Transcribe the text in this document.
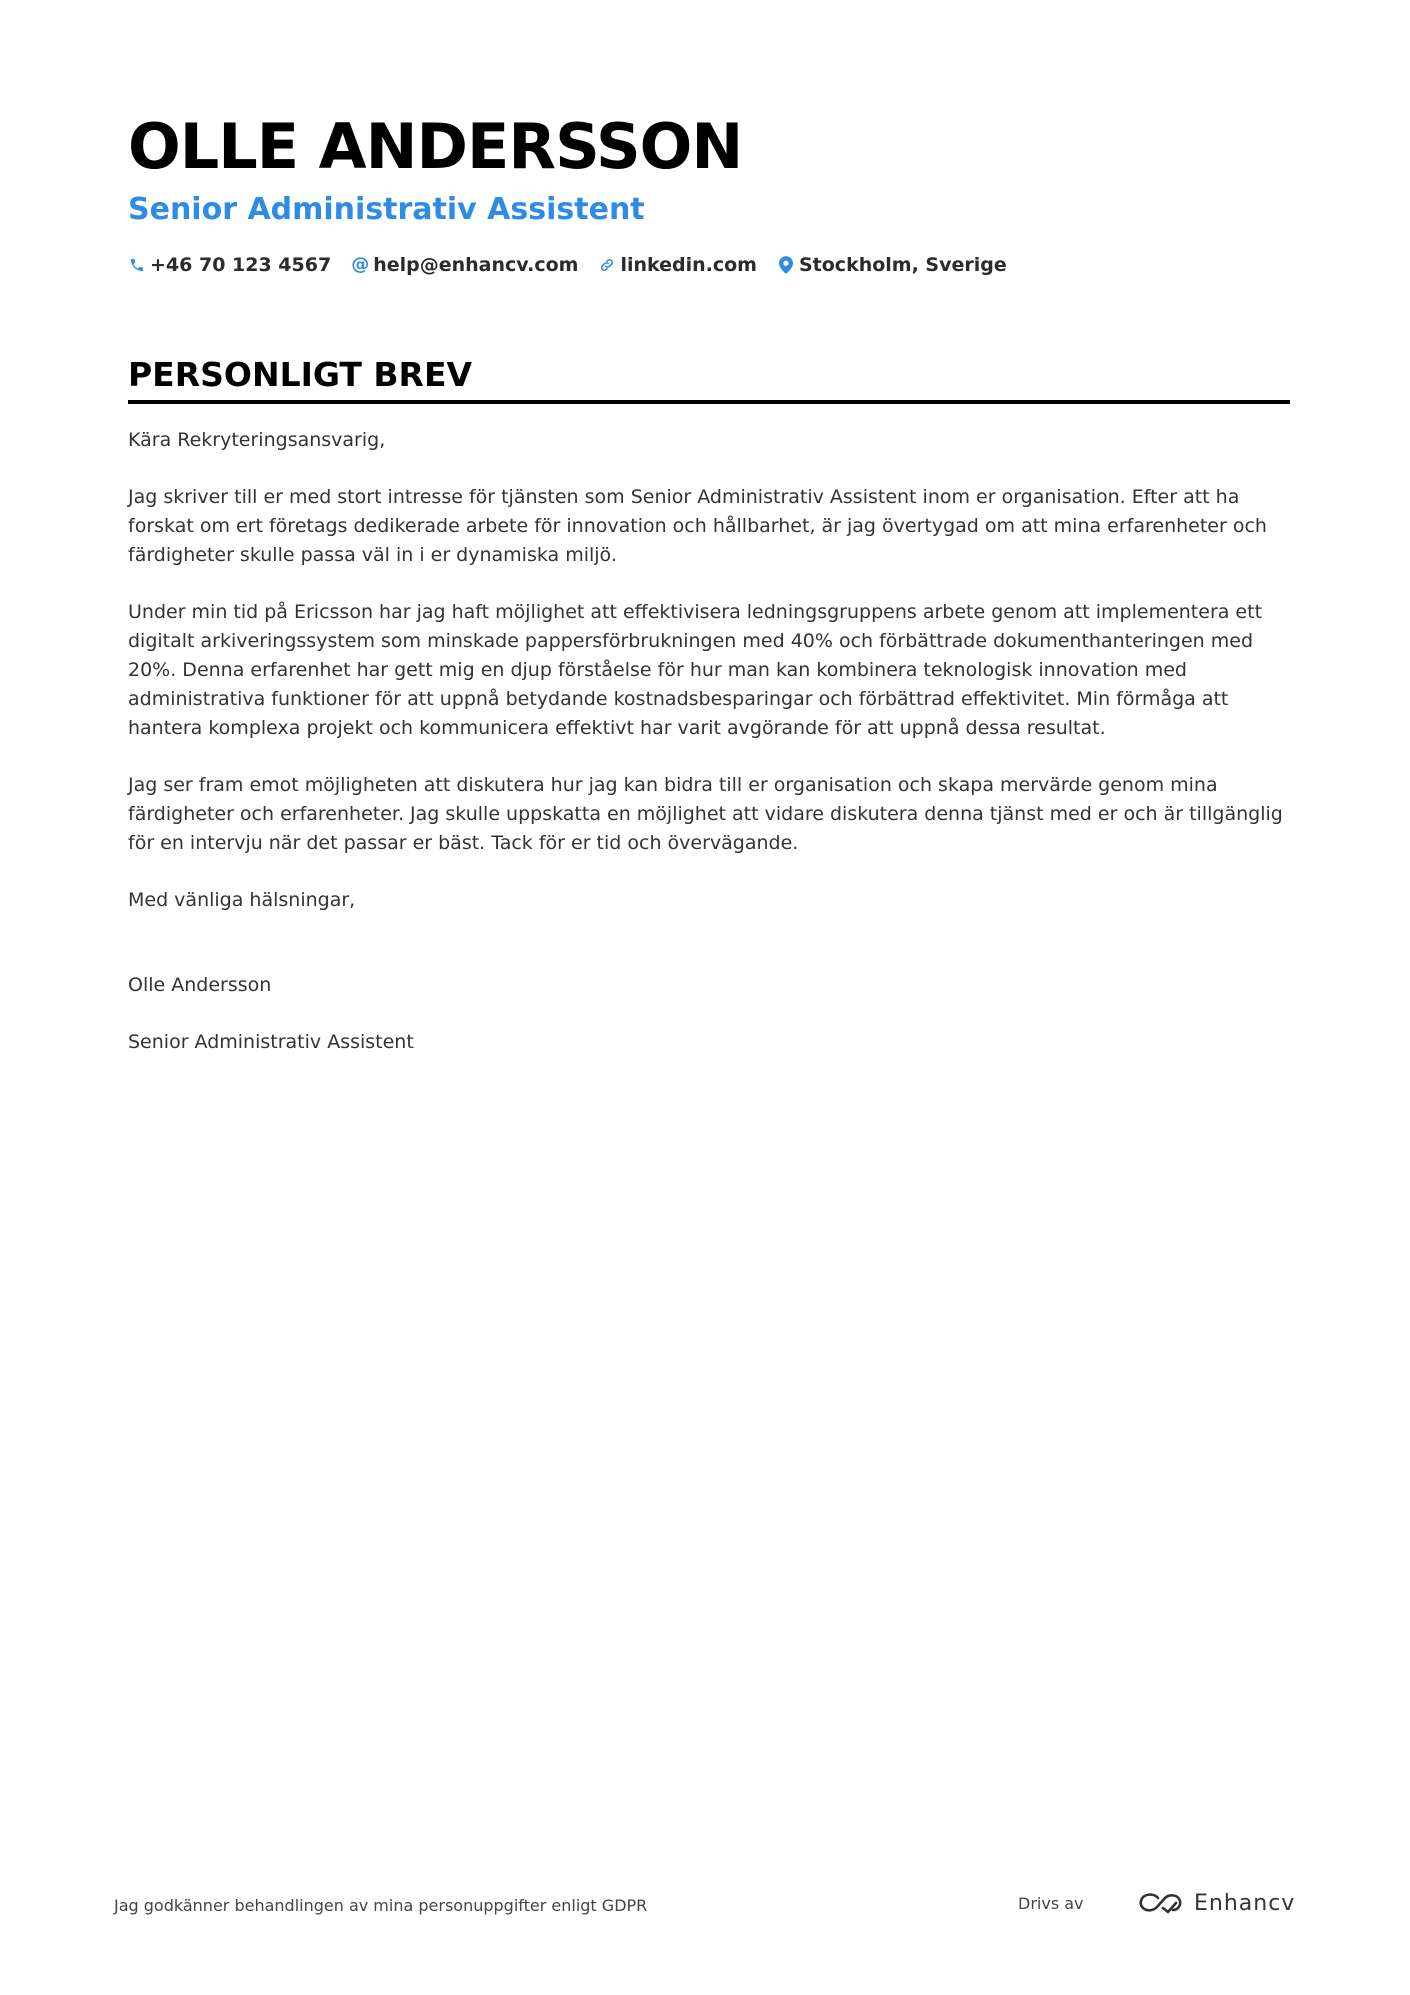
OLLE ANDERSSON
Senior Administrativ Assistent
+46 70 123 4567 @ help@enhancv.com linkedin.com Stockholm, Sverige
PERSONLIGT BREV

Kära Rekryteringsansvarig,

Jag skriver till er med stort intresse för tjänsten som Senior Administrativ Assistent inom er organisation. Efter att ha forskat om ert företags dedikerade arbete för innovation och hållbarhet, är jag övertygad om att mina erfarenheter och färdigheter skulle passa väl in i er dynamiska miljö.

Under min tid på Ericsson har jag haft möjlighet att effektivisera ledningsgruppens arbete genom att implementera ett digitalt arkiveringssystem som minskade pappersförbrukningen med 40% och förbättrade dokumenthanteringen med 20%. Denna erfarenhet har gett mig en djup förståelse för hur man kan kombinera teknologisk innovation med administrativa funktioner för att uppnå betydande kostnadsbesparingar och förbättrad effektivitet. Min förmåga att hantera komplexa projekt och kommunicera effektivt har varit avgörande för att uppnå dessa resultat.

Jag ser fram emot möjligheten att diskutera hur jag kan bidra till er organisation och skapa mervärde genom mina färdigheter och erfarenheter. Jag skulle uppskatta en möjlighet att vidare diskutera denna tjänst med er och är tillgänglig för en intervju när det passar er bäst. Tack för er tid och övervägande.

Med vänliga hälsningar,

Olle Andersson

Senior Administrativ Assistent

Jag godkänner behandlingen av mina personuppgifter enligt GDPR	Drivs av	Enhancv
